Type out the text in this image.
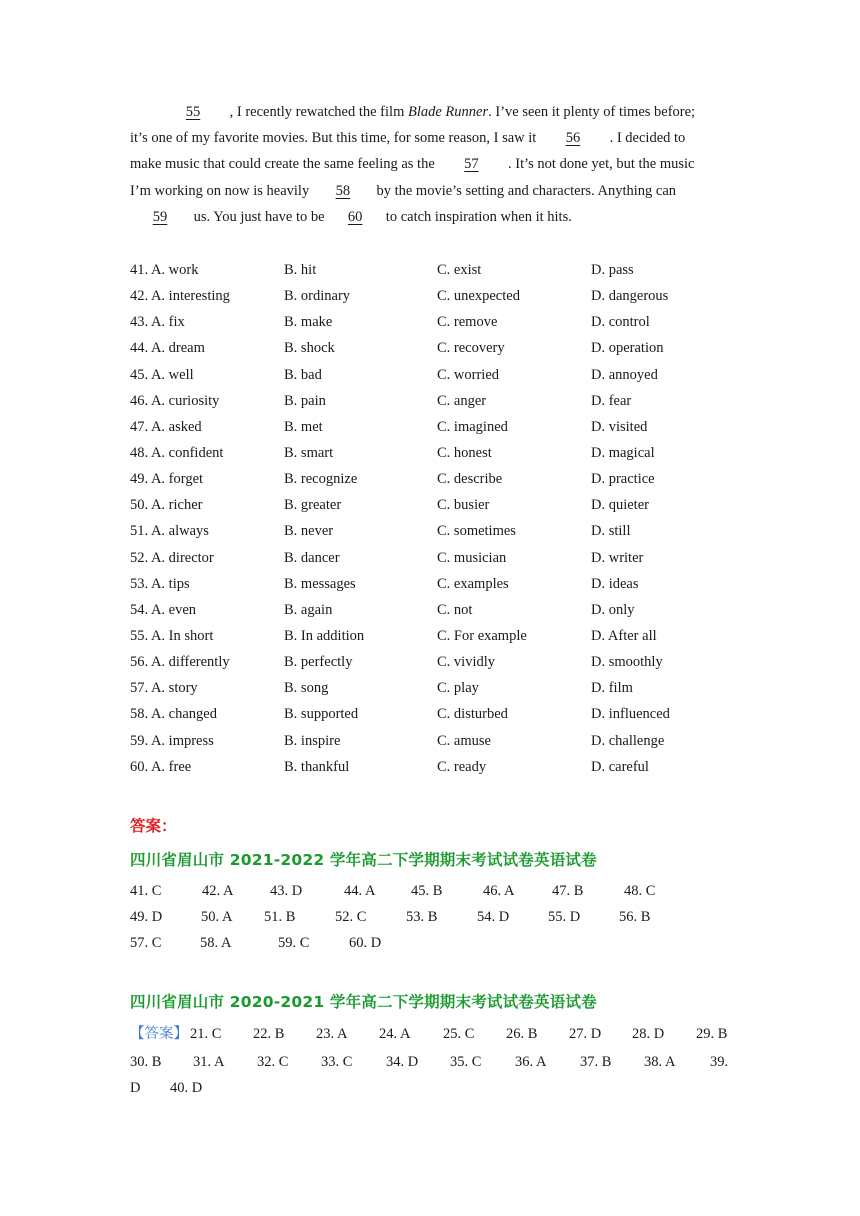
55 , I recently rewatched the film Blade Runner. I’ve seen it plenty of times before;
it’s one of my favorite movies. But this time, for some reason, I saw it 56 . I decided to
make music that could create the same feeling as the 57 . It’s not done yet, but the music
I’m working on now is heavily 58 by the movie’s setting and characters. Anything can
59 us. You just have to be 60 to catch inspiration when it hits.
41. A. work	B. hit	C. exist	D. pass
42. A. interesting	B. ordinary	C. unexpected	D. dangerous
43. A. fix	B. make	C. remove	D. control
44. A. dream	B. shock	C. recovery	D. operation
45. A. well	B. bad	C. worried	D. annoyed
46. A. curiosity	B. pain	C. anger	D. fear
47. A. asked	B. met	C. imagined	D. visited
48. A. confident	B. smart	C. honest	D. magical
49. A. forget	B. recognize	C. describe	D. practice
50. A. richer	B. greater	C. busier	D. quieter
51. A. always	B. never	C. sometimes	D. still
52. A. director	B. dancer	C. musician	D. writer
53. A. tips	B. messages	C. examples	D. ideas
54. A. even	B. again	C. not	D. only
55. A. In short	B. In addition	C. For example	D. After all
56. A. differently	B. perfectly	C. vividly	D. smoothly
57. A. story	B. song	C. play	D. film
58. A. changed	B. supported	C. disturbed	D. influenced
59. A. impress	B. inspire	C. amuse	D. challenge
60. A. free	B. thankful	C. ready	D. careful
答案：
四川省眉山市 2021-2022 学年高二下学期期末考试试卷英语试卷
41. C	42. A	43. D	44. A 45. B	46. A	47. B	48. C
49. D	50. A 51. B	52. C	53. B	54. D	55. D	56. B
57. C	58. A	59. C	60. D
四川省眉山市 2020-2021 学年高二下学期期末考试试卷英语试卷
【答案】 21. C 22. B 23. A 24. A 25. C 26. B 27. D 28. D 29. B
30. B 31. A 32. C 33. C 34. D 35. C 36. A 37. B 38. A 39.
D 40. D
